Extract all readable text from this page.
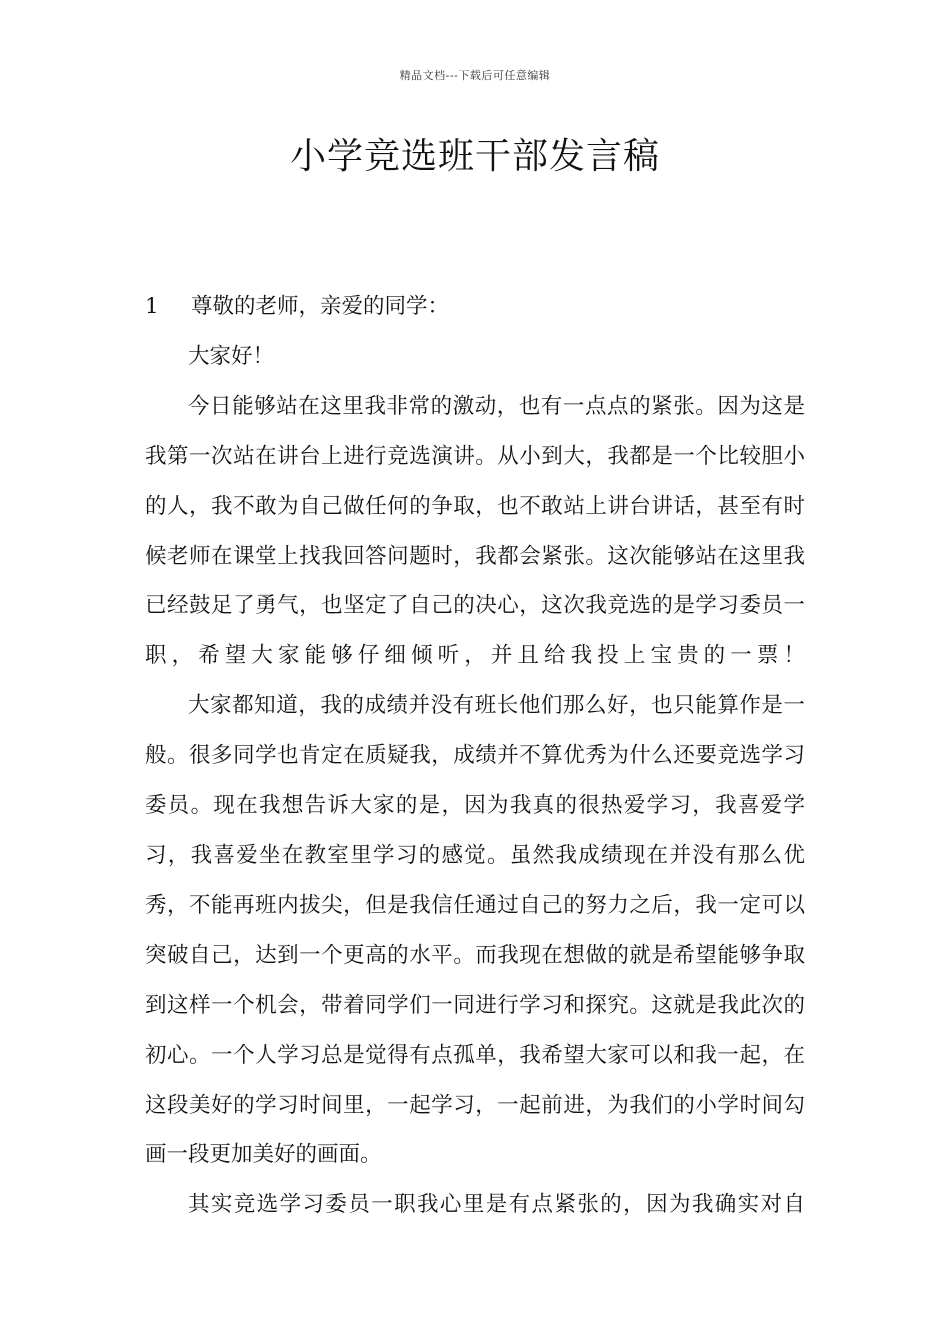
精品文档---下载后可任意编辑
小学竞选班干部发言稿

1	尊敬的老师，亲爱的同学：

大家好！

今日能够站在这里我非常的激动，也有一点点的紧张。因为这是我第一次站在讲台上进行竞选演讲。从小到大，我都是一个比较胆小的人，我不敢为自己做任何的争取，也不敢站上讲台讲话，甚至有时候老师在课堂上找我回答问题时，我都会紧张。这次能够站在这里我已经鼓足了勇气，也坚定了自己的决心，这次我竞选的是学习委员一职，希望大家能够仔细倾听，并且给我投上宝贵的一票！

大家都知道，我的成绩并没有班长他们那么好，也只能算作是一般。很多同学也肯定在质疑我，成绩并不算优秀为什么还要竞选学习委员。现在我想告诉大家的是，因为我真的很热爱学习，我喜爱学习，我喜爱坐在教室里学习的感觉。虽然我成绩现在并没有那么优秀，不能再班内拔尖，但是我信任通过自己的努力之后，我一定可以突破自己，达到一个更高的水平。而我现在想做的就是希望能够争取到这样一个机会，带着同学们一同进行学习和探究。这就是我此次的初心。一个人学习总是觉得有点孤单，我希望大家可以和我一起，在这段美好的学习时间里，一起学习，一起前进，为我们的小学时间勾画一段更加美好的画面。

其实竞选学习委员一职我心里是有点紧张的，因为我确实对自
